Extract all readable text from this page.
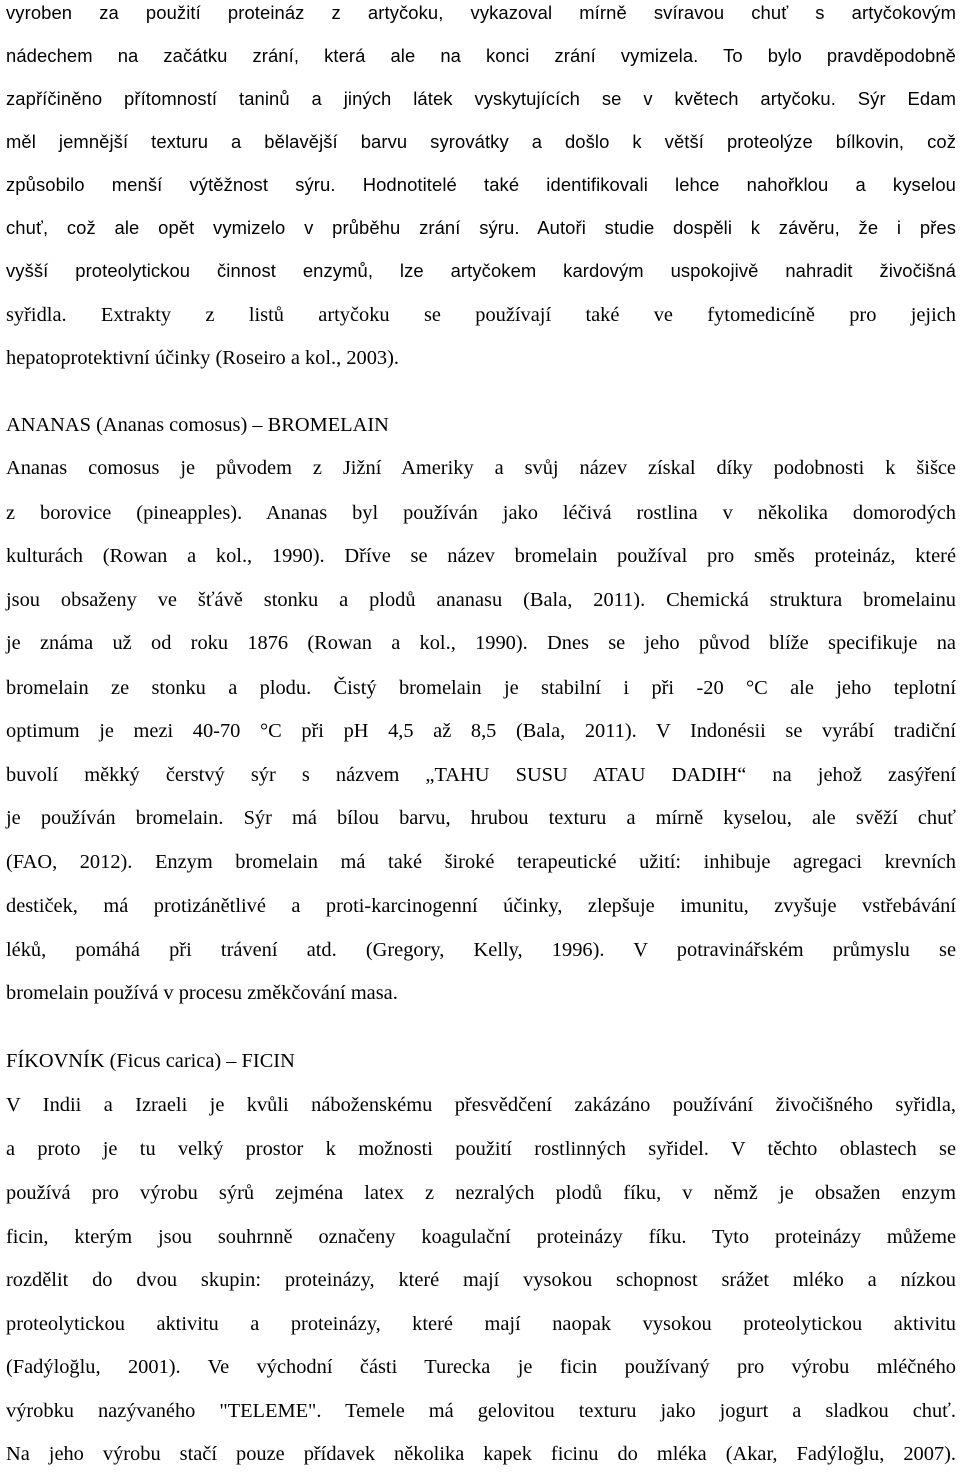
vyroben za použití proteináz z artyčoku, vykazoval mírně svíravou chuť s artyčokovým
nádechem na začátku zrání, která ale na konci zrání vymizela. To bylo pravděpodobně
zapříčiněno přítomností taninů a jiných látek vyskytujících se v květech artyčoku. Sýr Edam
měl jemnější texturu a bělavější barvu syrovátky a došlo k větší proteolýze bílkovin, což
způsobilo menší výtěžnost sýru. Hodnotitelé také identifikovali lehce nahořklou a kyselou
chuť, což ale opět vymizelo v průběhu zrání sýru. Autoři studie dospěli k závěru, že i přes
vyšší proteolytickou činnost enzymů, lze artyčokem kardovým uspokojivě nahradit živočišná
syřidla. Extrakty z listů artyčoku se používají také ve fytomedicíně pro jejich
hepatoprotektivní účinky (Roseiro a kol., 2003).
ANANAS (Ananas comosus) – BROMELAIN
Ananas comosus je původem z Jižní Ameriky a svůj název získal díky podobnosti k šišce
z borovice (pineapples). Ananas byl používán jako léčivá rostlina v několika domorodých
kulturách (Rowan a kol., 1990). Dříve se název bromelain používal pro směs proteináz, které
jsou obsaženy ve šťávě stonku a plodů ananasu (Bala, 2011). Chemická struktura bromelainu
je známa už od roku 1876 (Rowan a kol., 1990). Dnes se jeho původ blíže specifikuje na
bromelain ze stonku a plodu. Čistý bromelain je stabilní i při -20 °C ale jeho teplotní
optimum je mezi 40-70 °C při pH 4,5 až 8,5 (Bala, 2011). V Indonésii se vyrábí tradiční
buvolí měkký čerstvý sýr s názvem „TAHU SUSU ATAU DADIH“ na jehož zasýření
je používán bromelain. Sýr má bílou barvu, hrubou texturu a mírně kyselou, ale svěží chuť
(FAO, 2012). Enzym bromelain má také široké terapeutické užití: inhibuje agregaci krevních
destiček, má protizánětlivé a proti-karcinogenní účinky, zlepšuje imunitu, zvyšuje vstřebávání
léků, pomáhá při trávení atd. (Gregory, Kelly, 1996). V potravinářském průmyslu se
bromelain používá v procesu změkčování masa.
FÍKOVNÍK (Ficus carica) – FICIN
V Indii a Izraeli je kvůli náboženskému přesvědčení zakázáno používání živočišného syřidla,
a proto je tu velký prostor k možnosti použití rostlinných syřidel. V těchto oblastech se
používá pro výrobu sýrů zejména latex z nezralých plodů fíku, v němž je obsažen enzym
ficin, kterým jsou souhrnně označeny koagulační proteinázy fíku. Tyto proteinázy můžeme
rozdělit do dvou skupin: proteinázy, které mají vysokou schopnost srážet mléko a nízkou
proteolytickou aktivitu a proteinázy, které mají naopak vysokou proteolytickou aktivitu
(Fadýloğlu, 2001). Ve východní části Turecka je ficin používaný pro výrobu mléčného
výrobku nazývaného "TELEME". Temele má gelovitou texturu jako jogurt a sladkou chuť.
Na jeho výrobu stačí pouze přídavek několika kapek ficinu do mléka (Akar, Fadýloğlu, 2007).
